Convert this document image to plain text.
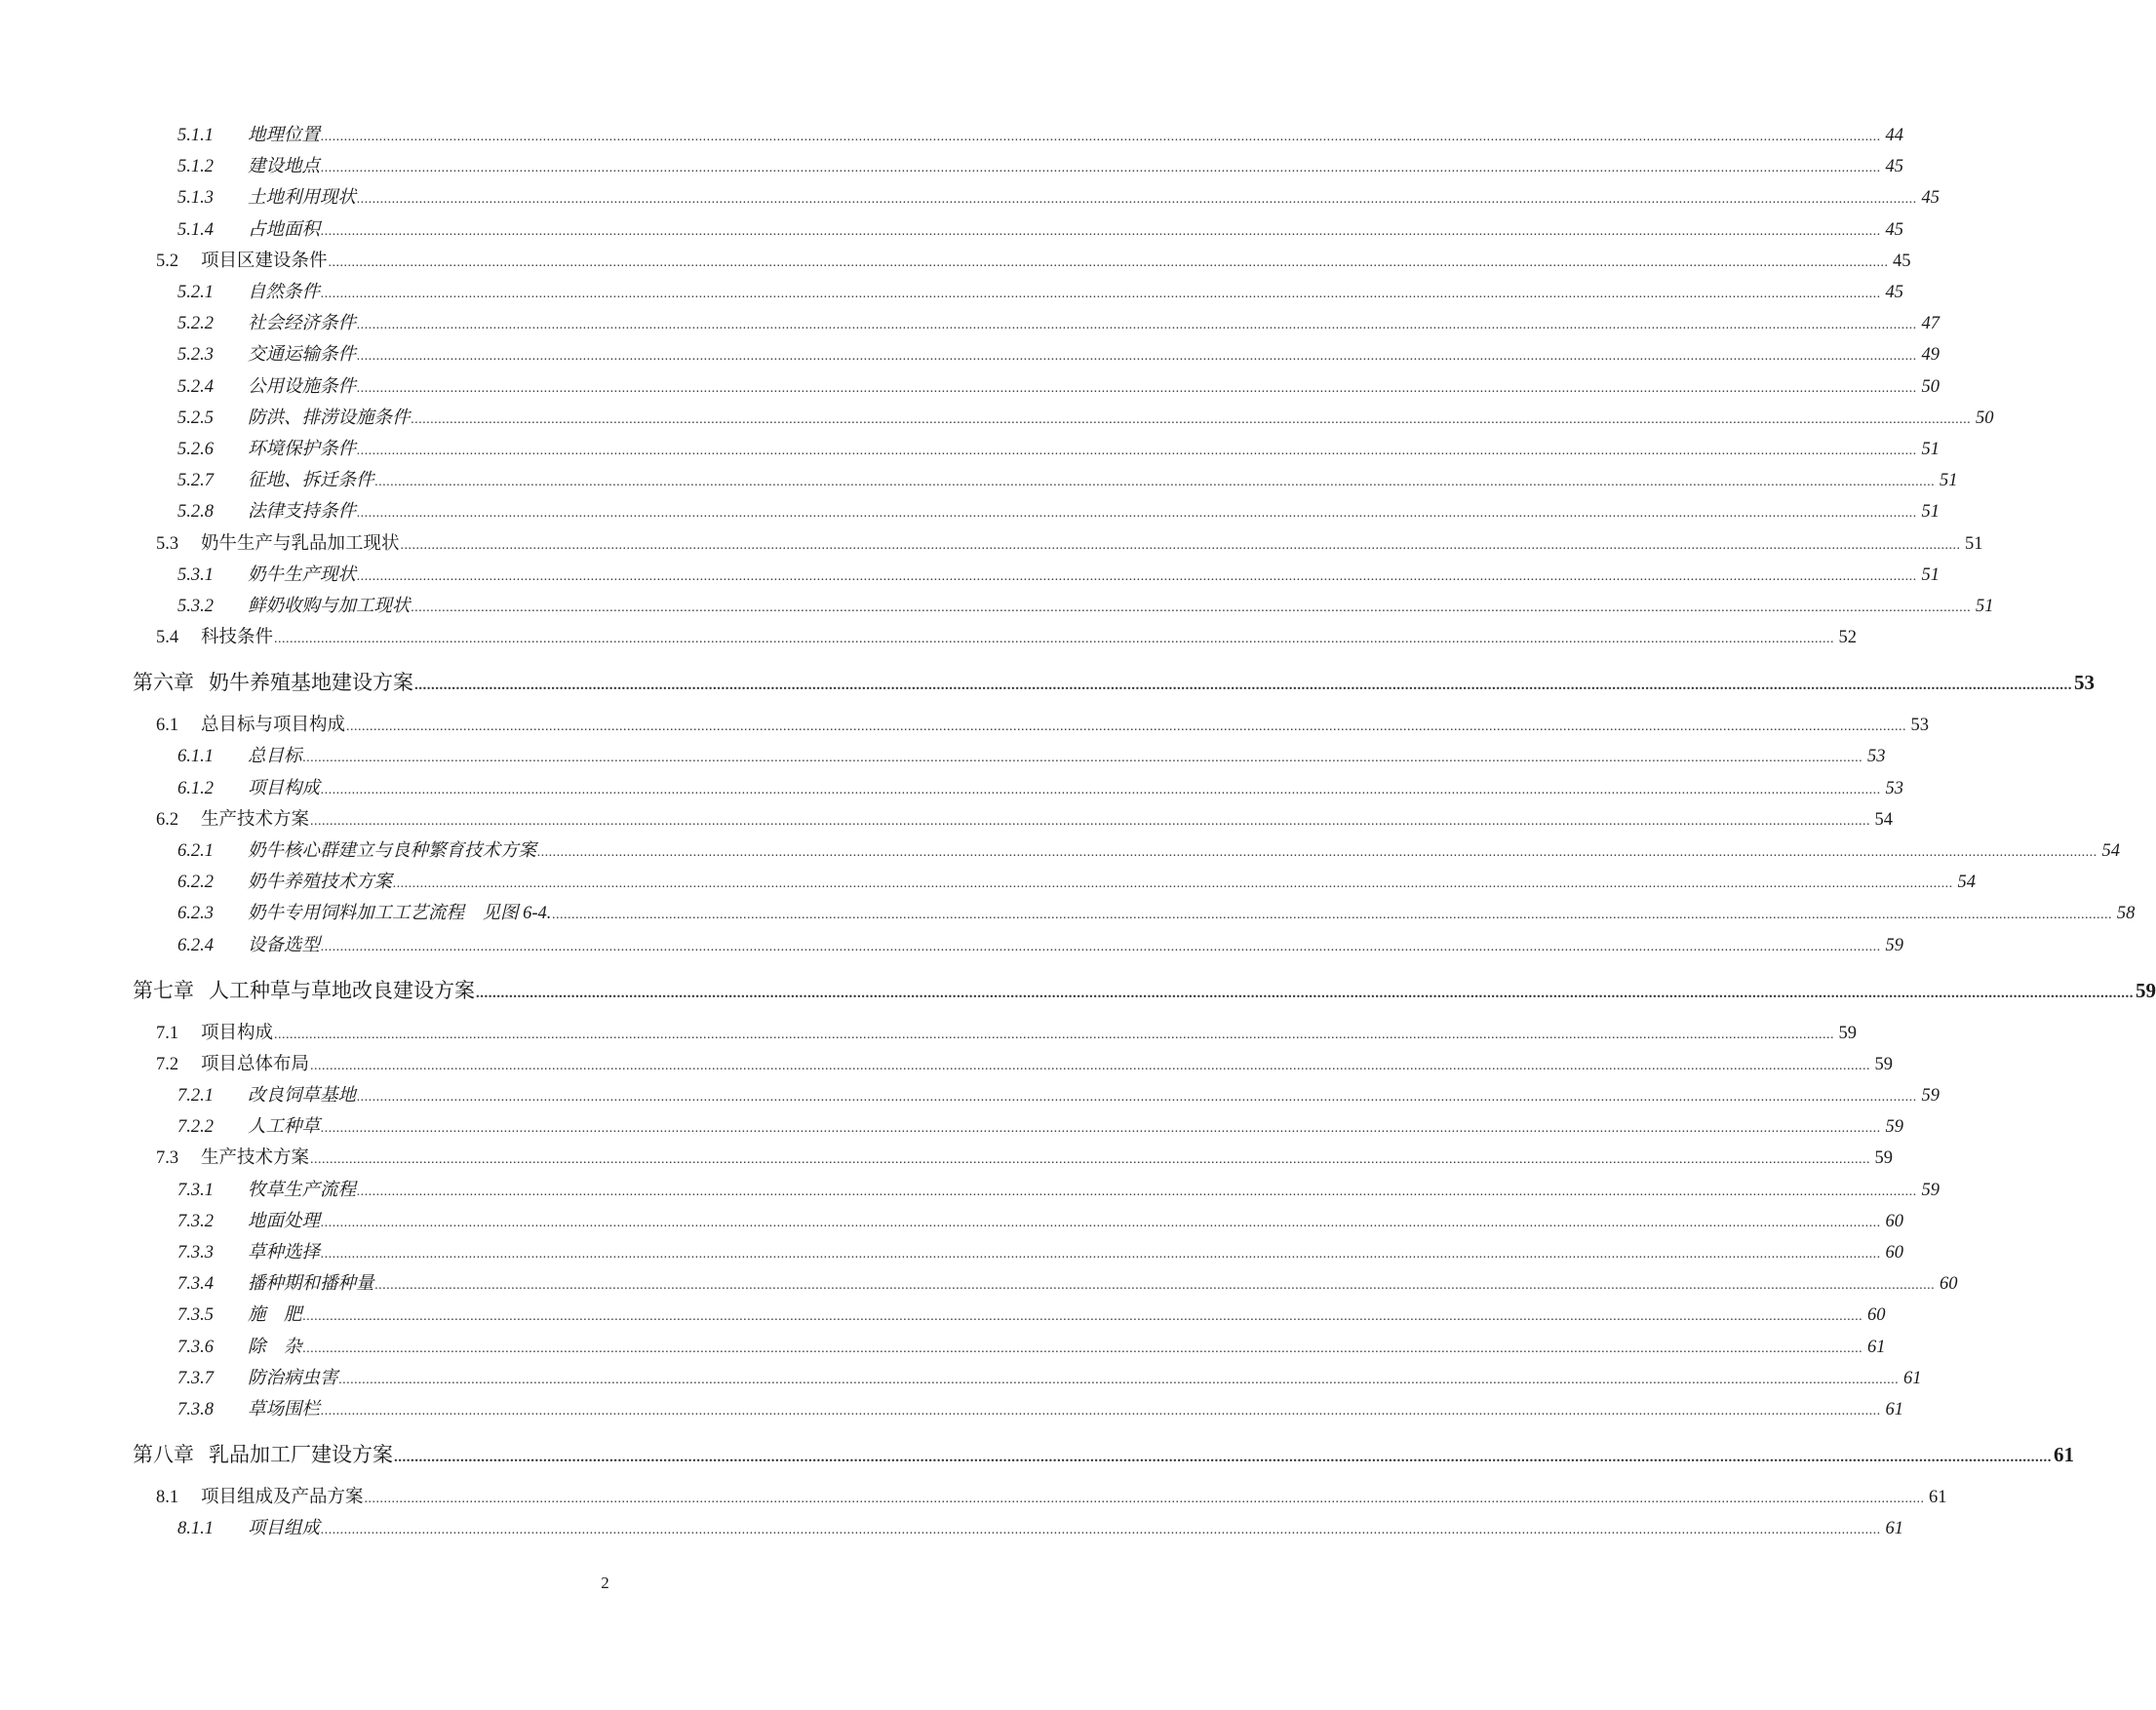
5.1.1	地理位置 ................................................................................................................................................................................................................................................................................................................................................................................................................ 44
5.1.2	建设地点 ................................................................................................................................................................................................................................................................................................................................................................................................................ 45
5.1.3	土地利用现状 ................................................................................................................................................................................................................................................................................................................................................................................................................ 45
5.1.4	占地面积 ................................................................................................................................................................................................................................................................................................................................................................................................................ 45
5.2	项目区建设条件 ................................................................................................................................................................................................................................................................................................................................................................................................................ 45
5.2.1	自然条件 ................................................................................................................................................................................................................................................................................................................................................................................................................ 45
5.2.2	社会经济条件 ................................................................................................................................................................................................................................................................................................................................................................................................................ 47
5.2.3	交通运输条件 ................................................................................................................................................................................................................................................................................................................................................................................................................ 49
5.2.4	公用设施条件 ................................................................................................................................................................................................................................................................................................................................................................................................................ 50
5.2.5	防洪、排涝设施条件 ................................................................................................................................................................................................................................................................................................................................................................................................................ 50
5.2.6	环境保护条件 ................................................................................................................................................................................................................................................................................................................................................................................................................ 51
5.2.7	征地、拆迁条件 ................................................................................................................................................................................................................................................................................................................................................................................................................ 51
5.2.8	法律支持条件 ................................................................................................................................................................................................................................................................................................................................................................................................................ 51
5.3	奶牛生产与乳品加工现状 ................................................................................................................................................................................................................................................................................................................................................................................................................ 51
5.3.1	奶牛生产现状 ................................................................................................................................................................................................................................................................................................................................................................................................................ 51
5.3.2	鲜奶收购与加工现状 ................................................................................................................................................................................................................................................................................................................................................................................................................ 51
5.4	科技条件 ................................................................................................................................................................................................................................................................................................................................................................................................................ 52
第六章 奶牛养殖基地建设方案 ................................................................................................................................................................................................................................................................................................................................................................................................................ 53
6.1	总目标与项目构成 ................................................................................................................................................................................................................................................................................................................................................................................................................ 53
6.1.1	总目标 ................................................................................................................................................................................................................................................................................................................................................................................................................ 53
6.1.2	项目构成 ................................................................................................................................................................................................................................................................................................................................................................................................................ 53
6.2	生产技术方案 ................................................................................................................................................................................................................................................................................................................................................................................................................ 54
6.2.1	奶牛核心群建立与良种繁育技术方案 ................................................................................................................................................................................................................................................................................................................................................................................................................ 54
6.2.2	奶牛养殖技术方案 ................................................................................................................................................................................................................................................................................................................................................................................................................ 54
6.2.3	奶牛专用饲料加工工艺流程　见图 6-4. ................................................................................................................................................................................................................................................................................................................................................................................................................ 58
6.2.4	设备选型 ................................................................................................................................................................................................................................................................................................................................................................................................................ 59
第七章 人工种草与草地改良建设方案 ................................................................................................................................................................................................................................................................................................................................................................................................................ 59
7.1	项目构成 ................................................................................................................................................................................................................................................................................................................................................................................................................ 59
7.2	项目总体布局 ................................................................................................................................................................................................................................................................................................................................................................................................................ 59
7.2.1	改良饲草基地 ................................................................................................................................................................................................................................................................................................................................................................................................................ 59
7.2.2	人工种草 ................................................................................................................................................................................................................................................................................................................................................................................................................ 59
7.3	生产技术方案 ................................................................................................................................................................................................................................................................................................................................................................................................................ 59
7.3.1	牧草生产流程 ................................................................................................................................................................................................................................................................................................................................................................................................................ 59
7.3.2	地面处理 ................................................................................................................................................................................................................................................................................................................................................................................................................ 60
7.3.3	草种选择 ................................................................................................................................................................................................................................................................................................................................................................................................................ 60
7.3.4	播种期和播种量 ................................................................................................................................................................................................................................................................................................................................................................................................................ 60
7.3.5	施　肥 ................................................................................................................................................................................................................................................................................................................................................................................................................ 60
7.3.6	除　杂 ................................................................................................................................................................................................................................................................................................................................................................................................................ 61
7.3.7	防治病虫害 ................................................................................................................................................................................................................................................................................................................................................................................................................ 61
7.3.8	草场围栏 ................................................................................................................................................................................................................................................................................................................................................................................................................ 61
第八章 乳品加工厂建设方案 ................................................................................................................................................................................................................................................................................................................................................................................................................ 61
8.1	项目组成及产品方案 ................................................................................................................................................................................................................................................................................................................................................................................................................ 61
8.1.1	项目组成 ................................................................................................................................................................................................................................................................................................................................................................................................................ 61
2
